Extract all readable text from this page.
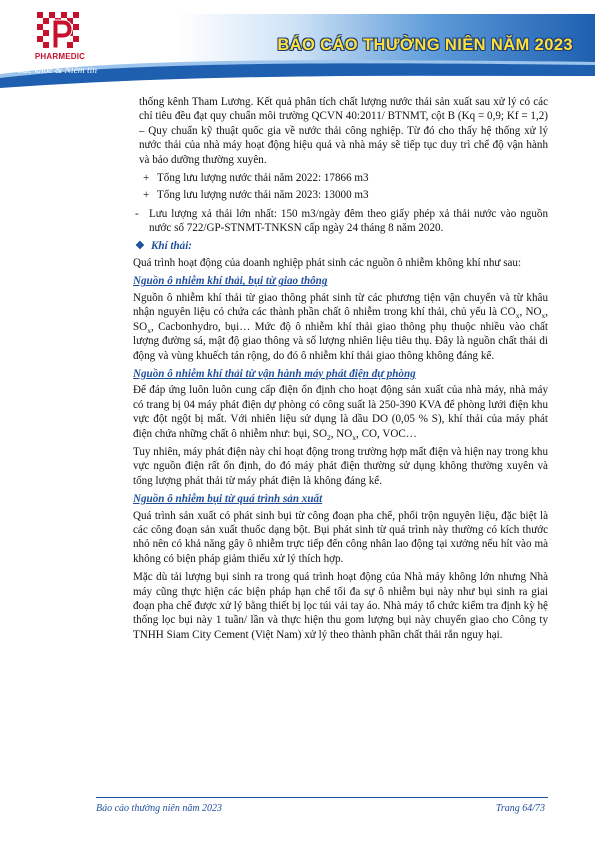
PHARMEDIC
Sức khỏe & Niềm tin
BÁO CÁO THƯỜNG NIÊN NĂM 2023

thống kênh Tham Lương. Kết quả phân tích chất lượng nước thải sản xuất sau xử lý có các chỉ tiêu đều đạt quy chuẩn môi trường QCVN 40:2011/ BTNMT, cột B (Kq = 0,9; Kf = 1,2) – Quy chuẩn kỹ thuật quốc gia về nước thải công nghiệp. Từ đó cho thấy hệ thống xử lý nước thải của nhà máy hoạt động hiệu quả và nhà máy sẽ tiếp tục duy trì chế độ vận hành và bảo dưỡng thường xuyên.

+ Tổng lưu lượng nước thải năm 2022: 17866 m3
+ Tổng lưu lượng nước thải năm 2023: 13000 m3
- Lưu lượng xả thải lớn nhất: 150 m3/ngày đêm theo giấy phép xả thải nước vào nguồn nước số 722/GP-STNMT-TNKSN cấp ngày 24 tháng 8 năm 2020.
❖ Khí thải:

Quá trình hoạt động của doanh nghiệp phát sinh các nguồn ô nhiễm không khí như sau:

Nguồn ô nhiễm khí thải, bụi từ giao thông

Nguồn ô nhiễm khí thải từ giao thông phát sinh từ các phương tiện vận chuyển và từ khâu nhận nguyên liệu có chứa các thành phần chất ô nhiễm trong khí thải, chủ yếu là $CO_x$, $NO_x$, $SO_x$, Cacbonhydro, bụi… Mức độ ô nhiễm khí thải giao thông phụ thuộc nhiều vào chất lượng đường sá, mật độ giao thông và số lượng nhiên liệu tiêu thụ. Đây là nguồn chất thải di động và vùng khuếch tán rộng, do đó ô nhiễm khí thải giao thông không đáng kể.

Nguồn ô nhiễm khí thải từ vận hành máy phát điện dự phòng

Để đáp ứng luôn luôn cung cấp điện ổn định cho hoạt động sản xuất của nhà máy, nhà máy có trang bị 04 máy phát điện dự phòng có công suất là 250-390 KVA để phòng lưới điện khu vực đột ngột bị mất. Với nhiên liệu sử dụng là dầu DO (0,05 % S), khí thải của máy phát điện chứa những chất ô nhiễm như: bụi, $SO_2$, $NO_x$, CO, VOC…

Tuy nhiên, máy phát điện này chỉ hoạt động trong trường hợp mất điện và hiện nay trong khu vực nguồn điện rất ổn định, do đó máy phát điện thường sử dụng không thường xuyên và tổng lượng phát thải từ máy phát điện là không đáng kể.

Nguồn ô nhiễm bụi từ quá trình sản xuất

Quá trình sản xuất có phát sinh bụi từ công đoạn pha chế, phối trộn nguyên liệu, đặc biệt là các công đoạn sản xuất thuốc dạng bột. Bụi phát sinh từ quá trình này thường có kích thước nhỏ nên có khả năng gây ô nhiễm trực tiếp đến công nhân lao động tại xưởng nếu hít vào mà không có biện pháp giảm thiểu xử lý thích hợp.

Mặc dù tải lượng bụi sinh ra trong quá trình hoạt động của Nhà máy không lớn nhưng Nhà máy cũng thực hiện các biện pháp hạn chế tối đa sự ô nhiễm bụi này như bụi sinh ra giai đoạn pha chế được xử lý bằng thiết bị lọc túi vải tay áo. Nhà máy tổ chức kiểm tra định kỳ hệ thống lọc bụi này 1 tuần/ lần và thực hiện thu gom lượng bụi này chuyển giao cho Công ty TNHH Siam City Cement (Việt Nam) xử lý theo thành phần chất thải rắn nguy hại.

Báo cáo thường niên năm 2023	Trang 64/73
